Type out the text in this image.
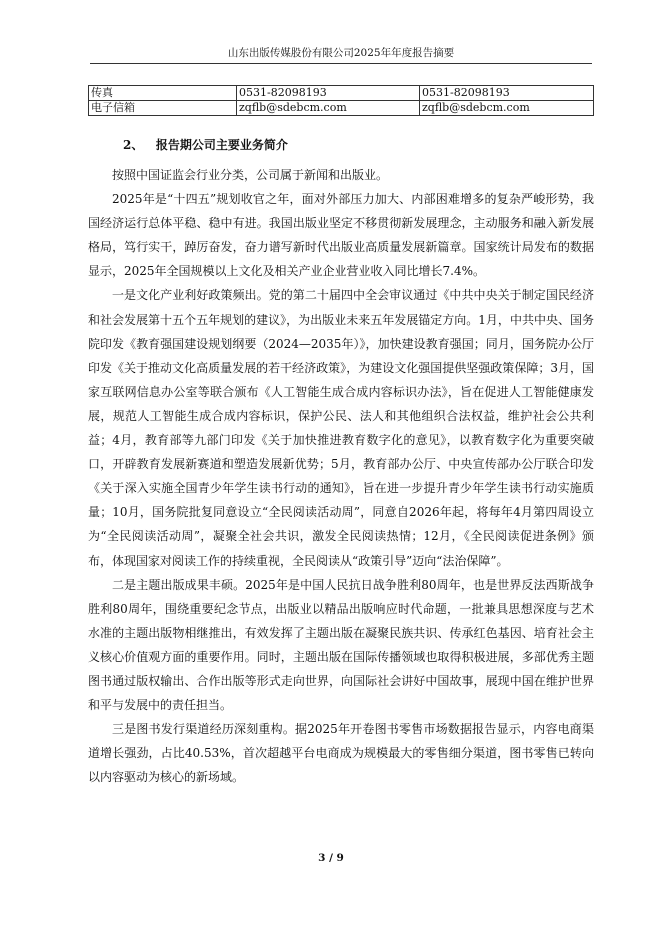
山东出版传媒股份有限公司2025年年度报告摘要
传真	0531-82098193	0531-82098193
电子信箱	zqflb@sdebcm.com	zqflb@sdebcm.com
2、 报告期公司主要业务简介

按照中国证监会行业分类，公司属于新闻和出版业。

2025年是“十四五”规划收官之年，面对外部压力加大、内部困难增多的复杂严峻形势，我国经济运行总体平稳、稳中有进。我国出版业坚定不移贯彻新发展理念，主动服务和融入新发展格局，笃行实干，踔厉奋发，奋力谱写新时代出版业高质量发展新篇章。国家统计局发布的数据显示，2025年全国规模以上文化及相关产业企业营业收入同比增长7.4%。

一是文化产业利好政策频出。党的第二十届四中全会审议通过《中共中央关于制定国民经济和社会发展第十五个五年规划的建议》，为出版业未来五年发展锚定方向。1月，中共中央、国务院印发《教育强国建设规划纲要（2024—2035年）》，加快建设教育强国；同月，国务院办公厅印发《关于推动文化高质量发展的若干经济政策》，为建设文化强国提供坚强政策保障；3月，国家互联网信息办公室等联合颁布《人工智能生成合成内容标识办法》，旨在促进人工智能健康发展，规范人工智能生成合成内容标识，保护公民、法人和其他组织合法权益，维护社会公共利益；4月，教育部等九部门印发《关于加快推进教育数字化的意见》，以教育数字化为重要突破口，开辟教育发展新赛道和塑造发展新优势；5月，教育部办公厅、中央宣传部办公厅联合印发《关于深入实施全国青少年学生读书行动的通知》，旨在进一步提升青少年学生读书行动实施质量；10月，国务院批复同意设立“全民阅读活动周”，同意自2026年起，将每年4月第四周设立为“全民阅读活动周”，凝聚全社会共识，激发全民阅读热情；12月，《全民阅读促进条例》颁布，体现国家对阅读工作的持续重视，全民阅读从“政策引导”迈向“法治保障”。

二是主题出版成果丰硕。2025年是中国人民抗日战争胜利80周年，也是世界反法西斯战争胜利80周年，围绕重要纪念节点，出版业以精品出版响应时代命题，一批兼具思想深度与艺术水准的主题出版物相继推出，有效发挥了主题出版在凝聚民族共识、传承红色基因、培育社会主义核心价值观方面的重要作用。同时，主题出版在国际传播领域也取得积极进展，多部优秀主题图书通过版权输出、合作出版等形式走向世界，向国际社会讲好中国故事，展现中国在维护世界和平与发展中的责任担当。

三是图书发行渠道经历深刻重构。据2025年开卷图书零售市场数据报告显示，内容电商渠道增长强劲，占比40.53%，首次超越平台电商成为规模最大的零售细分渠道，图书零售已转向以内容驱动为核心的新场域。

3 / 9
